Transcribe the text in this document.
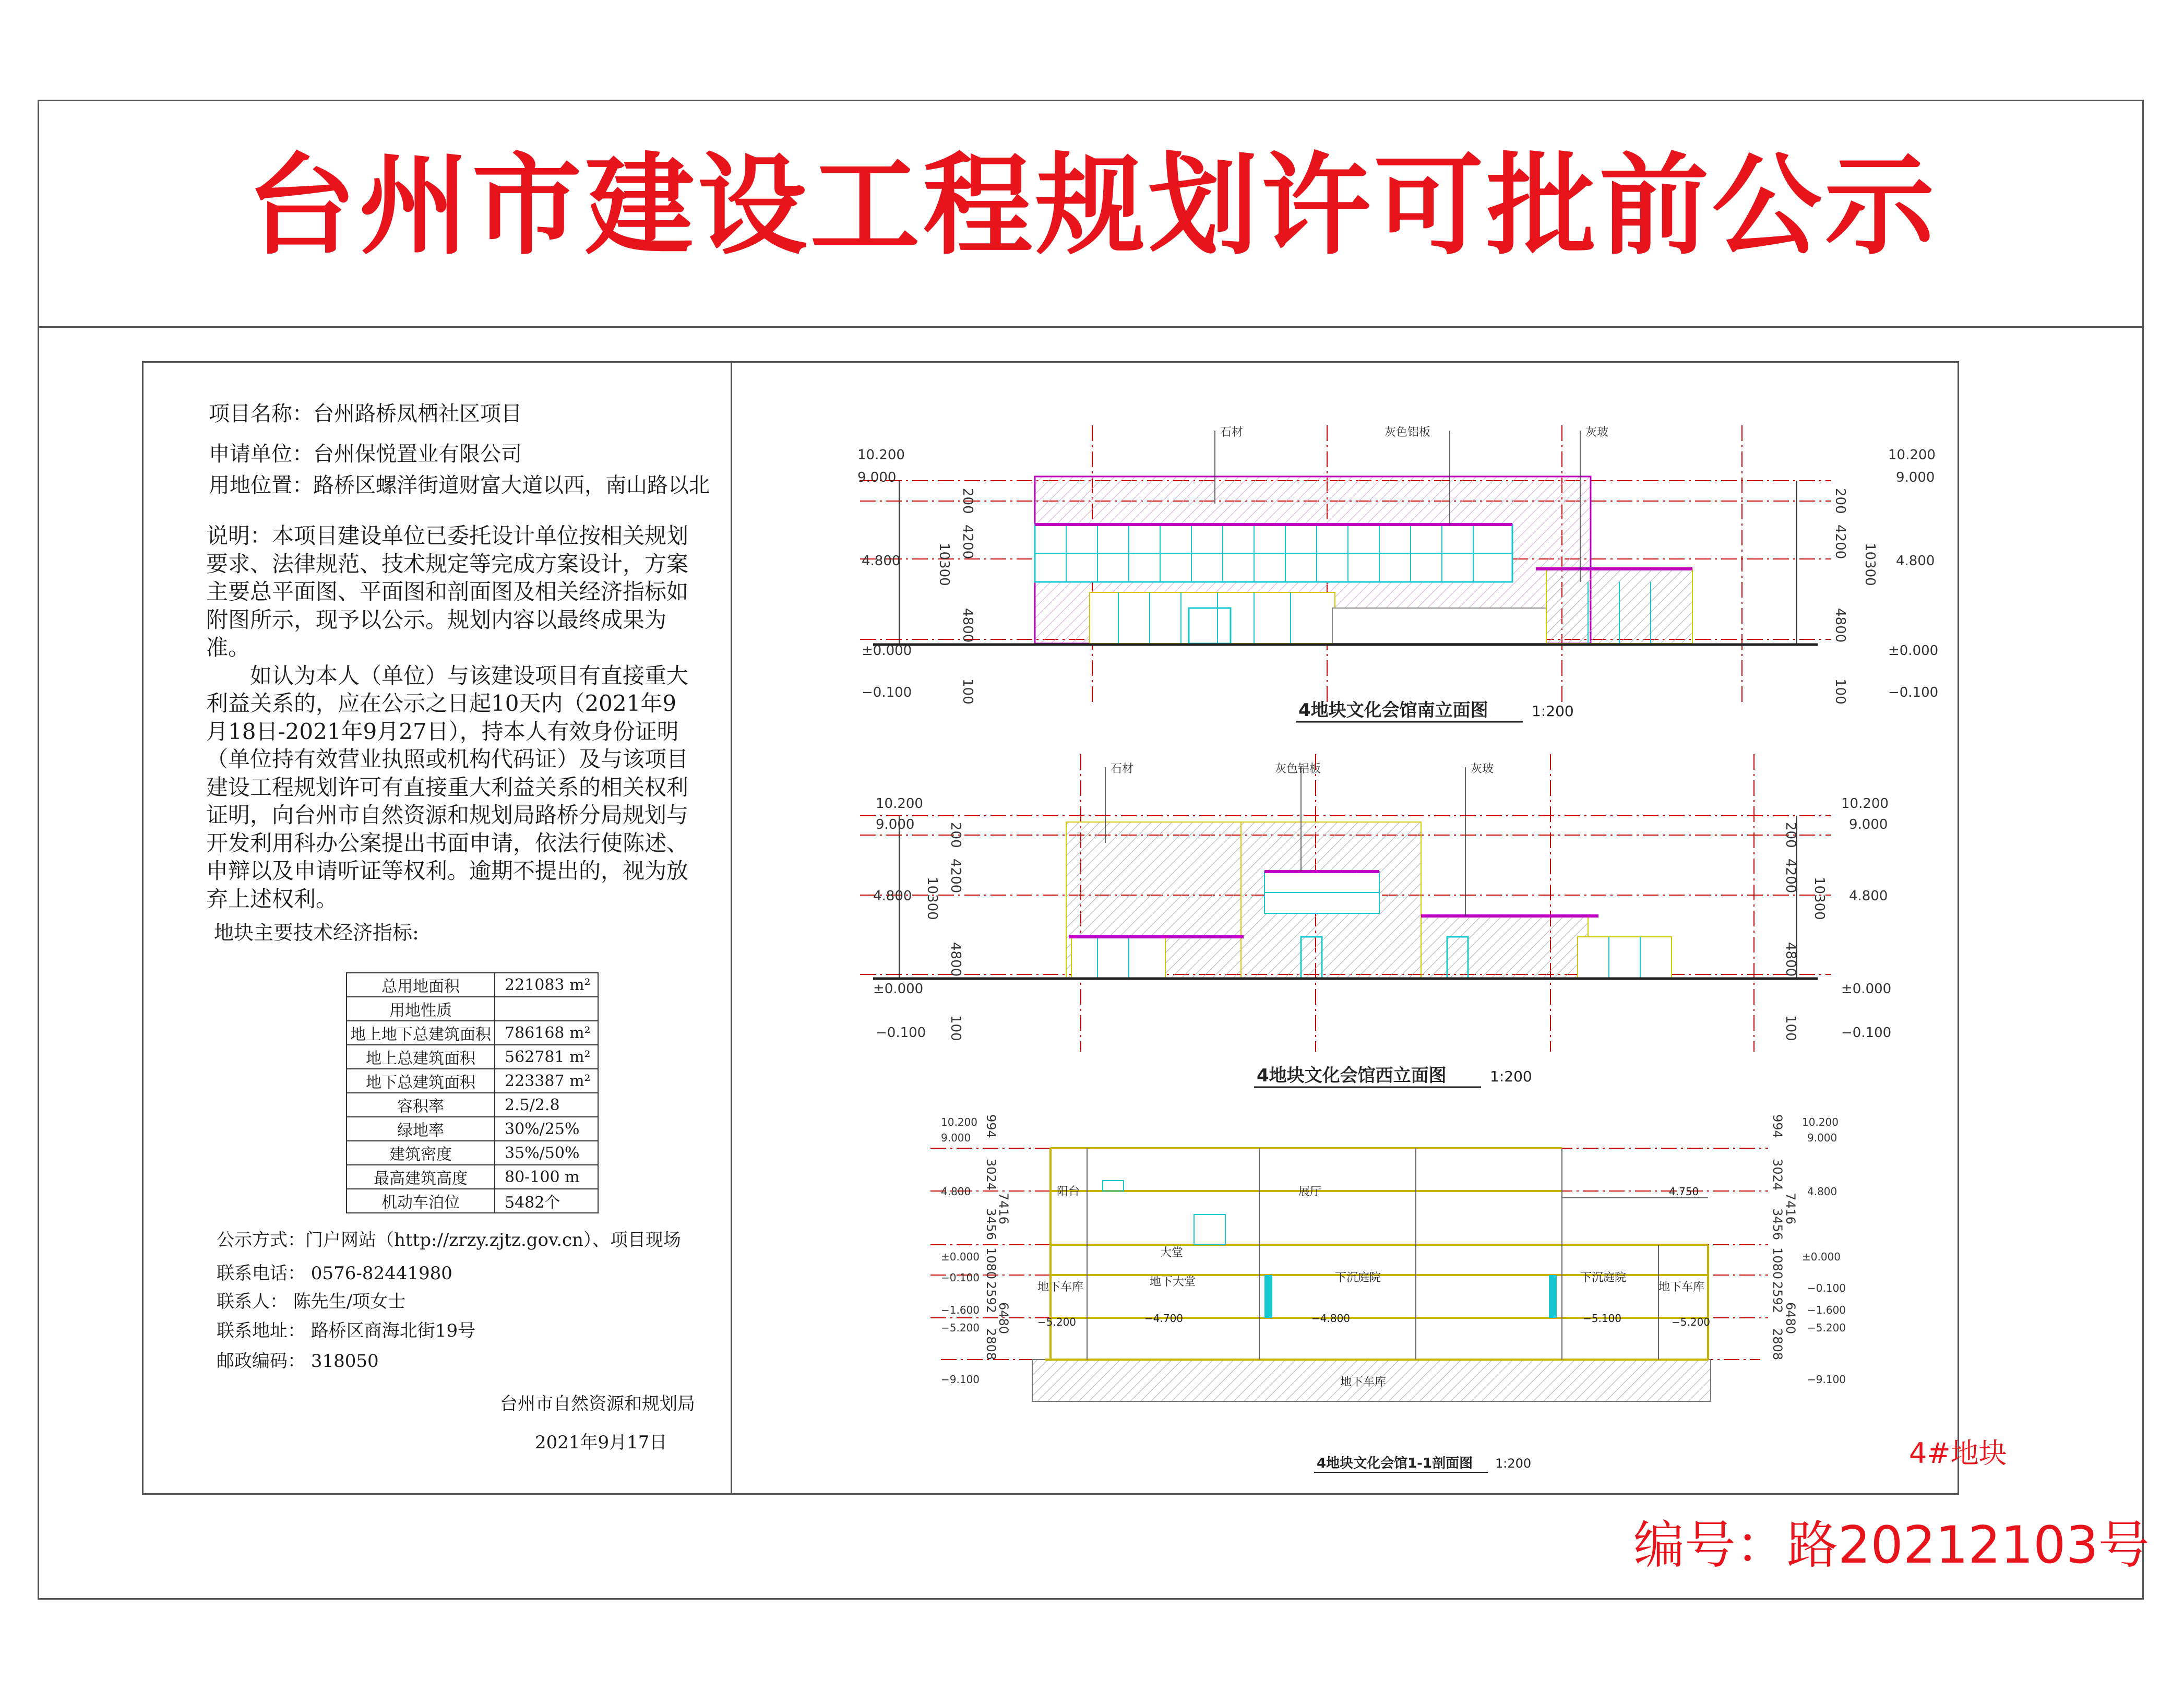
台州市建设工程规划许可批前公示
项目名称：台州路桥凤栖社区项目
申请单位：台州保悦置业有限公司
用地位置：路桥区螺洋街道财富大道以西，南山路以北

说明：本项目建设单位已委托设计单位按相关规划要求、法律规范、技术规定等完成方案设计，方案主要总平面图、平面图和剖面图及相关经济指标如附图所示，现予以公示。规划内容以最终成果为准。

如认为本人（单位）与该建设项目有直接重大利益关系的，应在公示之日起10天内（2021年9月18日-2021年9月27日），持本人有效身份证明（单位持有效营业执照或机构代码证）及与该项目建设工程规划许可有直接重大利益关系的相关权利证明，向台州市自然资源和规划局路桥分局规划与开发利用科办公案提出书面申请，依法行使陈述、申辩以及申请听证等权利。逾期不提出的，视为放弃上述权利。

地块主要技术经济指标:
总用地面积	221083 m²
用地性质	
地上地下总建筑面积	786168 m²
地上总建筑面积	562781 m²
地下总建筑面积	223387 m²
容积率	2.5/2.8
绿地率	30%/25%
建筑密度	35%/50%
最高建筑高度	80-100 m
机动车泊位	5482个
公示方式：门户网站（http://zrzy.zjtz.gov.cn）、项目现场
联系电话： 0576-82441980
联系人： 陈先生/项女士
联系地址： 路桥区商海北街19号
邮政编码： 318050
台州市自然资源和规划局
2021年9月17日
石材	灰色铝板	灰玻
10.200
9.000
4.800
±0.000
−0.100
10.200
9.000
4.800
±0.000
−0.100
200
4200
10300
4800
100
200
4200
10300
4800
100
4地块文化会馆南立面图	1:200
石材	灰色铝板	灰玻
10.200
9.000
4.800
±0.000
−0.100
10.200
9.000
4.800
±0.000
−0.100
200
4200
10300
4800
100
200
4200
10300
4800
100
4地块文化会馆西立面图	1:200
阳台	展厅
大堂
地下大堂	下沉庭院	下沉庭院
地下车库	地下车库
地下车库
4.750
−4.700	−4.800	−5.100
−5.200	−5.200
10.200
9.000
4.800
±0.000
−0.100
−1.600
−5.200
−9.100
10.200
9.000
4.800
±0.000
−0.100
−1.600
−5.200
−9.100
994
3024
7416
3456
1080
2592
6480
2808
994
3024
7416
3456
1080
2592
6480
2808
4地块文化会馆1-1剖面图 1:200	4#地块
编号：路20212103号
